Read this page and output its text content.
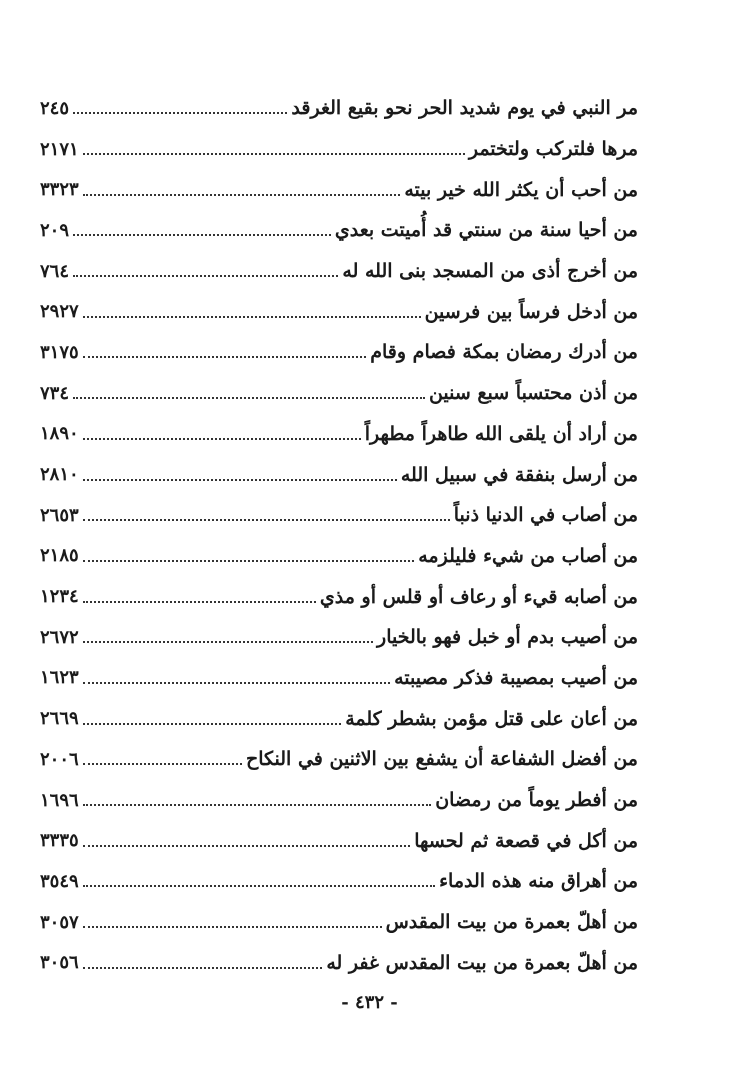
مر النبي في يوم شديد الحر نحو بقيع الغرقد
٢٤٥
مرها فلتركب ولتختمر
٢١٧١
من أحب أن يكثر الله خير بيته
٣٣٢٣
من أحيا سنة من سنتي قد أُميتت بعدي
٢٠٩
من أخرج أذى من المسجد بنى الله له
٧٦٤
من أدخل فرساً بين فرسين
٢٩٢٧
من أدرك رمضان بمكة فصام وقام
٣١٧٥
من أذن محتسباً سبع سنين
٧٣٤
من أراد أن يلقى الله طاهراً مطهراً
١٨٩٠
من أرسل بنفقة في سبيل الله
٢٨١٠
من أصاب في الدنيا ذنباً
٢٦٥٣
من أصاب من شيء فليلزمه
٢١٨٥
من أصابه قيء أو رعاف أو قلس أو مذي
١٢٣٤
من أصيب بدم أو خبل فهو بالخيار
٢٦٧٢
من أصيب بمصيبة فذكر مصيبته
١٦٢٣
من أعان على قتل مؤمن بشطر كلمة
٢٦٦٩
من أفضل الشفاعة أن يشفع بين الاثنين في النكاح
٢٠٠٦
من أفطر يوماً من رمضان
١٦٩٦
من أكل في قصعة ثم لحسها
٣٣٣٥
من أهراق منه هذه الدماء
٣٥٤٩
من أهلّ بعمرة من بيت المقدس
٣٠٥٧
من أهلّ بعمرة من بيت المقدس غفر له
٣٠٥٦
- ٤٣٢ -
